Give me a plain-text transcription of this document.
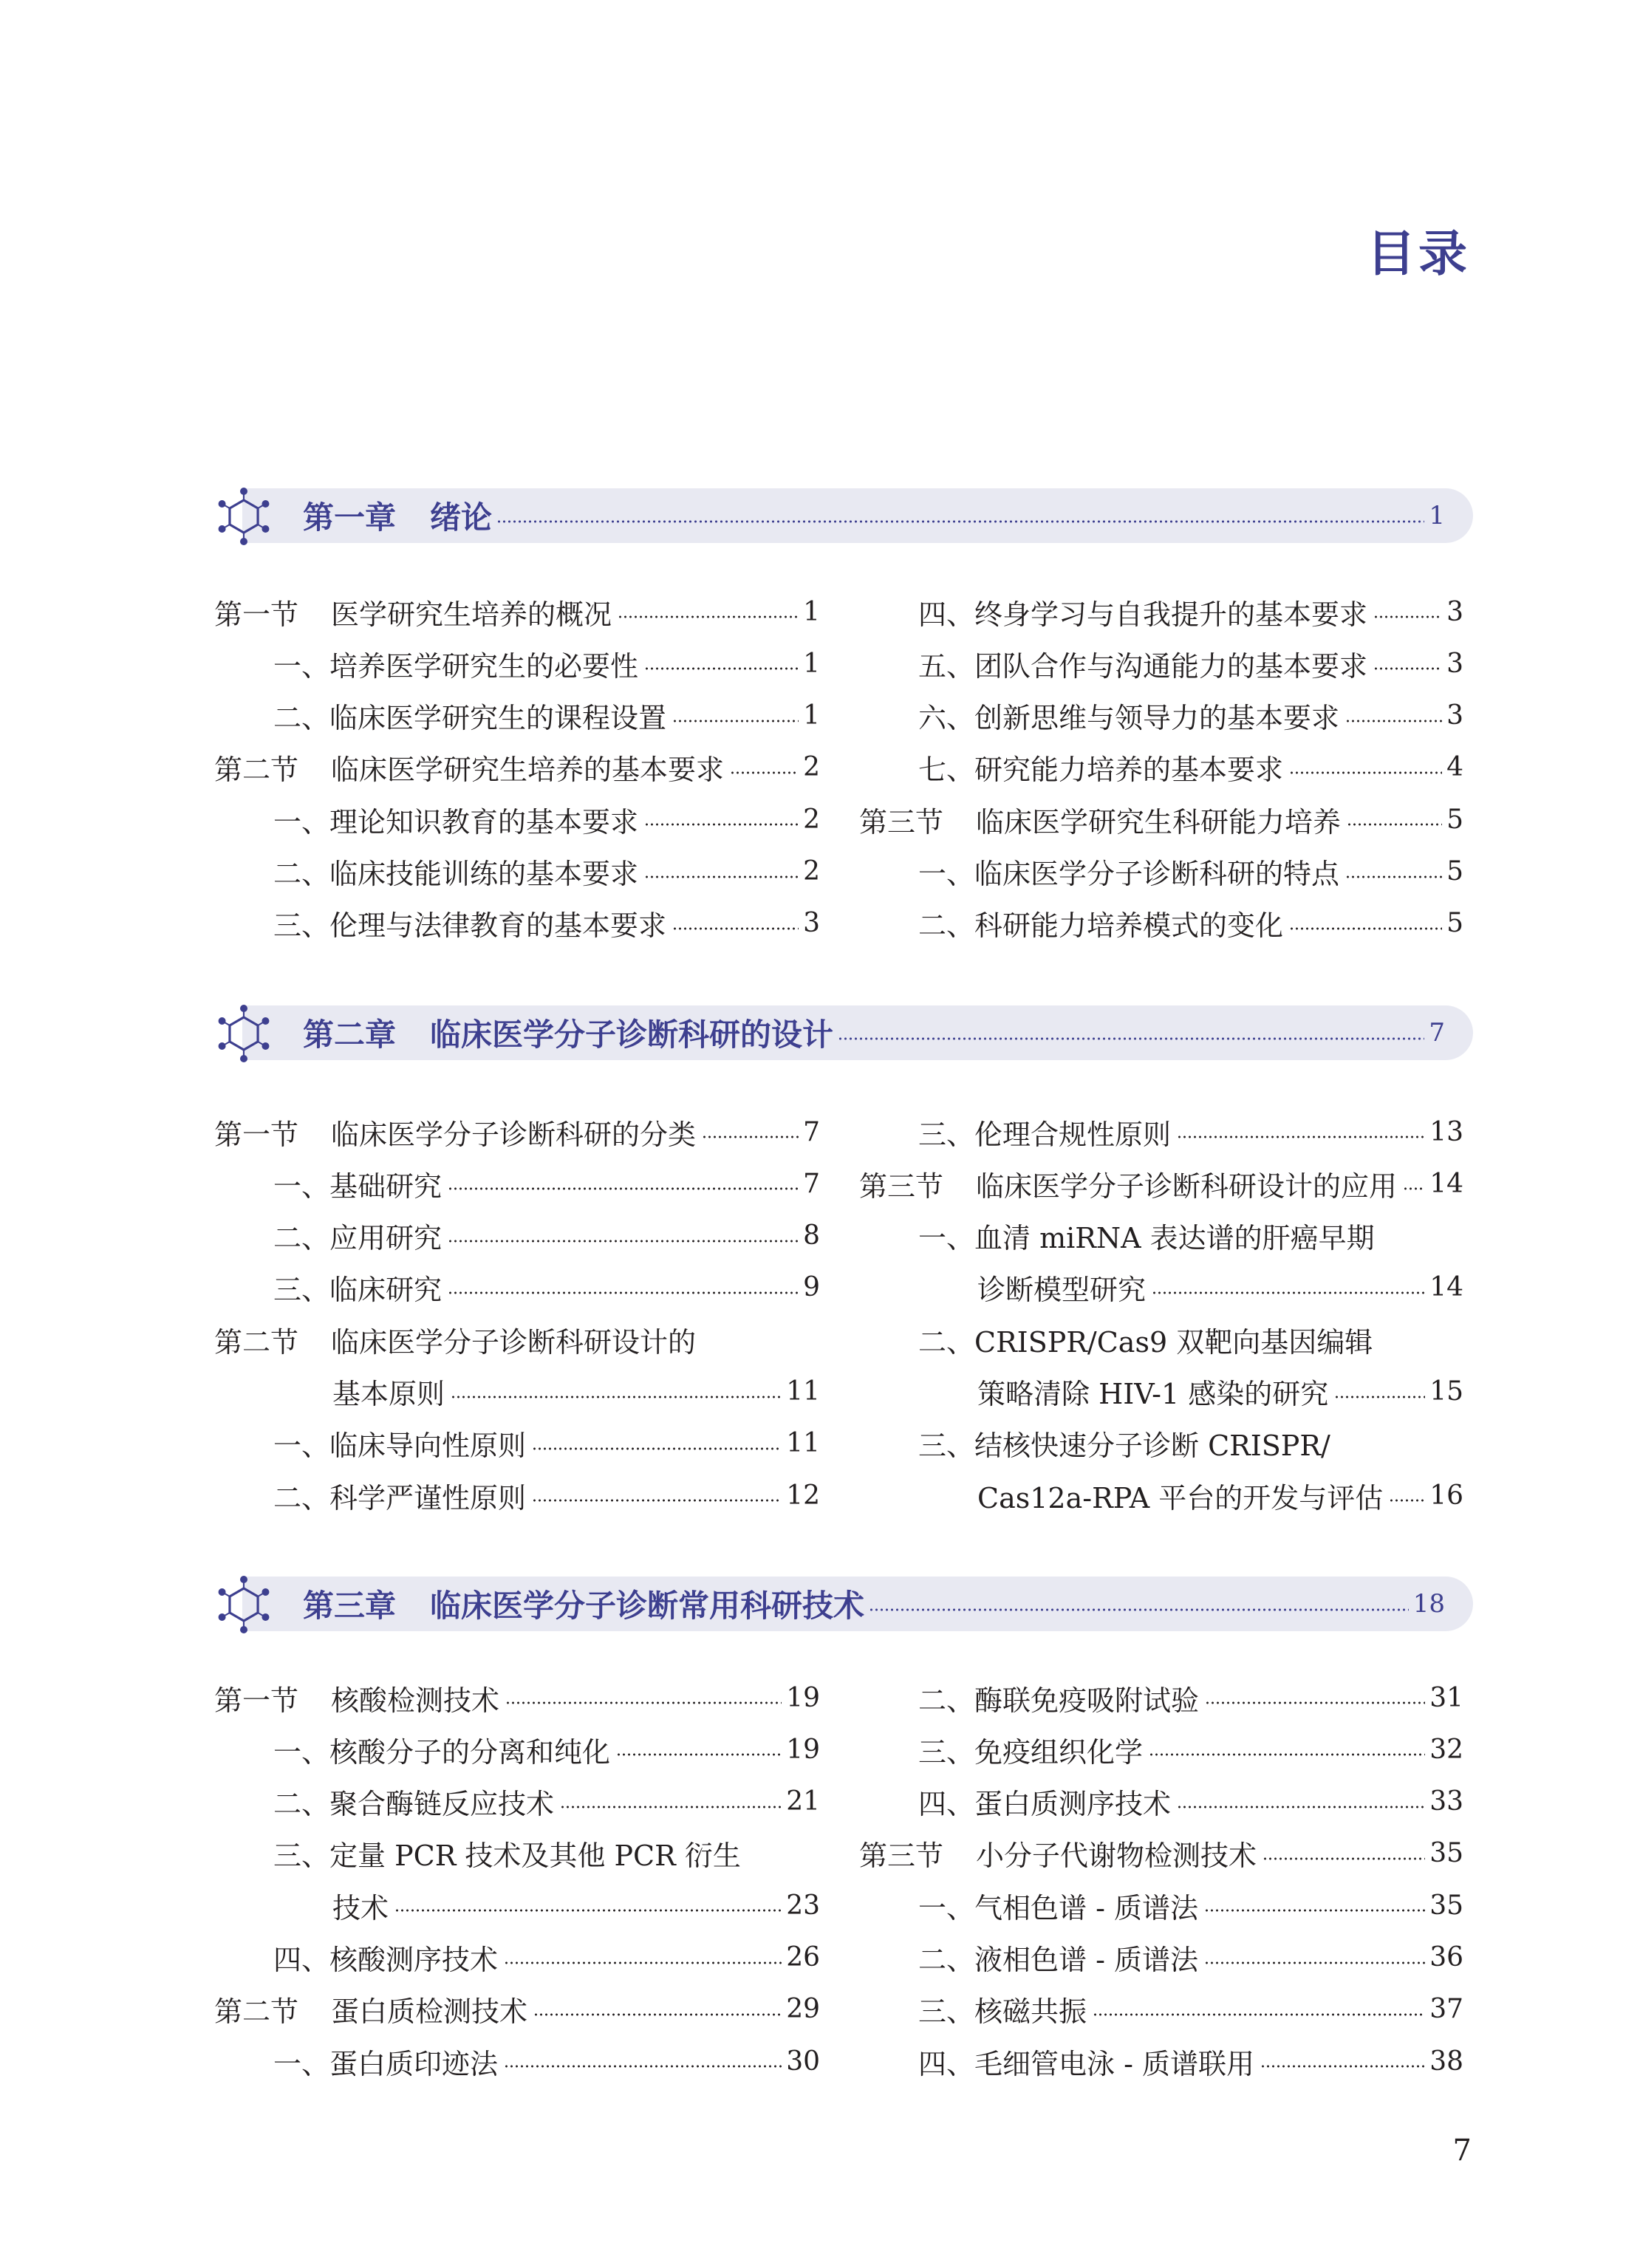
目录
第一章 绪论	1
第一节	医学研究生培养的概况	1
一、培养医学研究生的必要性	1
二、临床医学研究生的课程设置	1
第二节	临床医学研究生培养的基本要求	2
一、理论知识教育的基本要求	2
二、临床技能训练的基本要求	2
三、伦理与法律教育的基本要求	3
四、终身学习与自我提升的基本要求	3
五、团队合作与沟通能力的基本要求	3
六、创新思维与领导力的基本要求	3
七、研究能力培养的基本要求	4
第三节	临床医学研究生科研能力培养	5
一、临床医学分子诊断科研的特点	5
二、科研能力培养模式的变化	5
第二章 临床医学分子诊断科研的设计	7
第一节	临床医学分子诊断科研的分类	7
一、基础研究	7
二、应用研究	8
三、临床研究	9
第二节	临床医学分子诊断科研设计的
基本原则	11
一、临床导向性原则	11
二、科学严谨性原则	12
三、伦理合规性原则	13
第三节	临床医学分子诊断科研设计的应用 14
一、血清 miRNA 表达谱的肝癌早期
诊断模型研究	14
二、CRISPR/Cas9 双靶向基因编辑
策略清除 HIV-1 感染的研究	15
三、结核快速分子诊断 CRISPR/
Cas12a-RPA 平台的开发与评估 16
第三章 临床医学分子诊断常用科研技术	18
第一节	核酸检测技术	19
一、核酸分子的分离和纯化	19
二、聚合酶链反应技术	21
三、定量 PCR 技术及其他 PCR 衍生
技术	23
四、核酸测序技术	26
第二节	蛋白质检测技术	29
一、蛋白质印迹法	30
二、酶联免疫吸附试验	31
三、免疫组织化学	32
四、蛋白质测序技术	33
第三节	小分子代谢物检测技术	35
一、气相色谱 - 质谱法	35
二、液相色谱 - 质谱法	36
三、核磁共振	37
四、毛细管电泳 - 质谱联用	38
7
